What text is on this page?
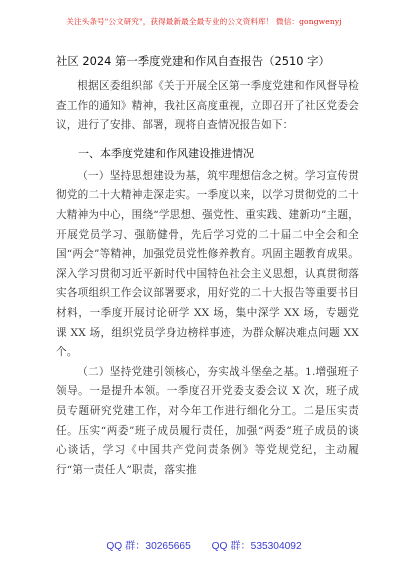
关注头条号"公文研究"，获得最新最全最专业的公文资料库！ 微信：gongwenyj
社区 2024 第一季度党建和作风自查报告（2510 字）

根据区委组织部《关于开展全区第一季度党建和作风督导检查工作的通知》精神，我社区高度重视，立即召开了社区党委会议，进行了安排、部署，现将自查情况报告如下：

一、本季度党建和作风建设推进情况

（一）坚持思想建设为基，筑牢理想信念之树。学习宣传贯彻党的二十大精神走深走实。一季度以来，以学习贯彻党的二十大精神为中心，围绕“学思想、强党性、重实践、建新功”主题，开展党员学习、强筋健骨，先后学习党的二十届二中全会和全国“两会”等精神，加强党员党性修养教育。巩固主题教育成果。深入学习贯彻习近平新时代中国特色社会主义思想，认真贯彻落实各项组织工作会议部署要求，用好党的二十大报告等重要书目材料，一季度开展讨论研学 XX 场，集中深学 XX 场，专题党课 XX 场，组织党员学身边榜样事迹，为群众解决难点问题 XX 个。

（二）坚持党建引领核心，夯实战斗堡垒之基。1.增强班子领导。一是提升本领。一季度召开党委支委会议 X 次，班子成员专题研究党建工作，对今年工作进行细化分工。二是压实责任。压实“两委”班子成员履行责任，加强“两委”班子成员的谈心谈话，学习《中国共产党问责条例》等党规党纪，主动履行“第一责任人”职责，落实推

QQ 群：30265665 QQ 群：535304092
